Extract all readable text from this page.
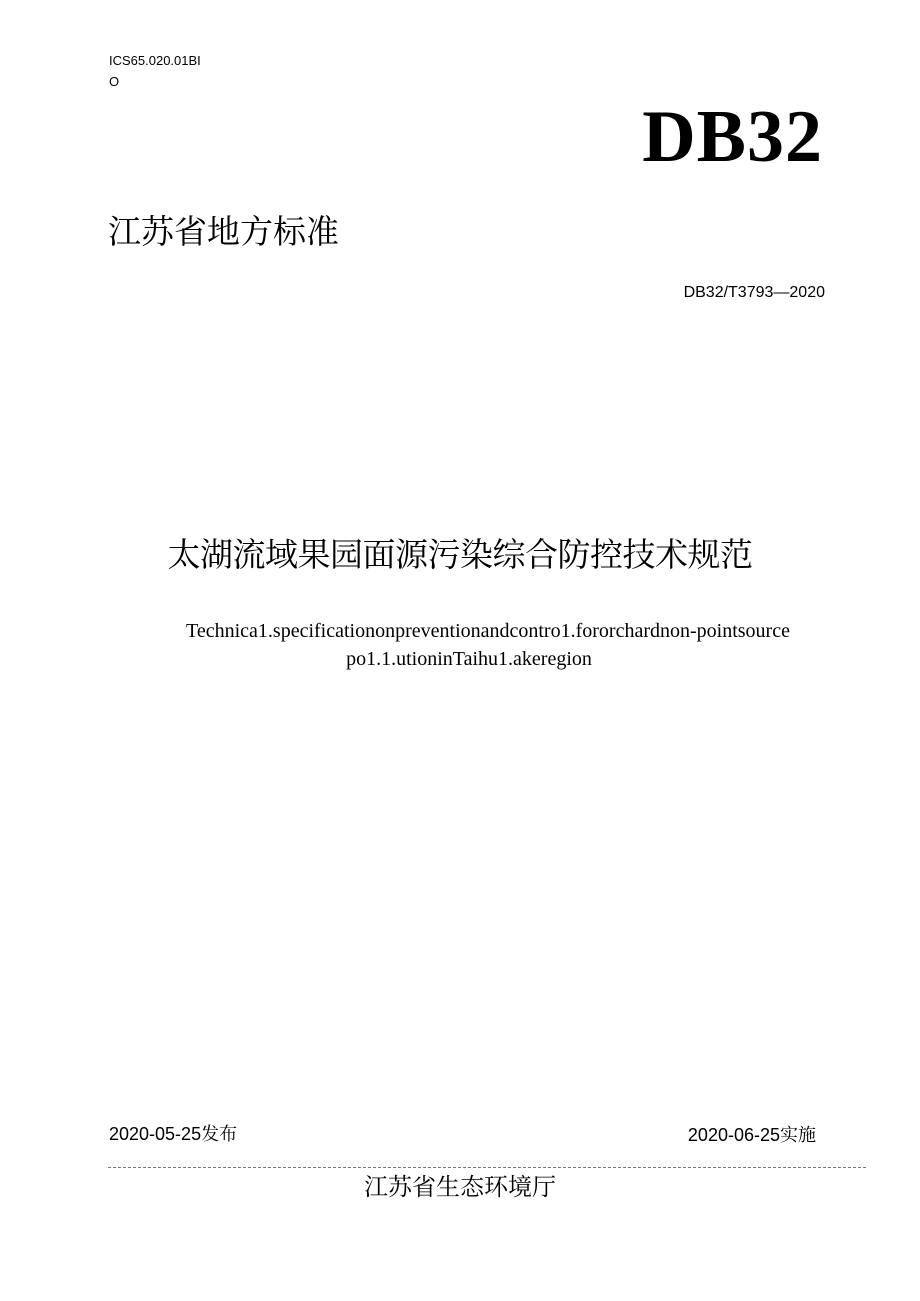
ICS65.020.01BI
O
DB32
江苏省地方标准
DB32/T3793—2020
太湖流域果园面源污染综合防控技术规范
Technica1.specificationonpreventionandcontro1.fororchardnon-pointsource
po1.1.utioninTaihu1.akeregion
2020-05-25发布	2020-06-25实施
江苏省生态环境厅
